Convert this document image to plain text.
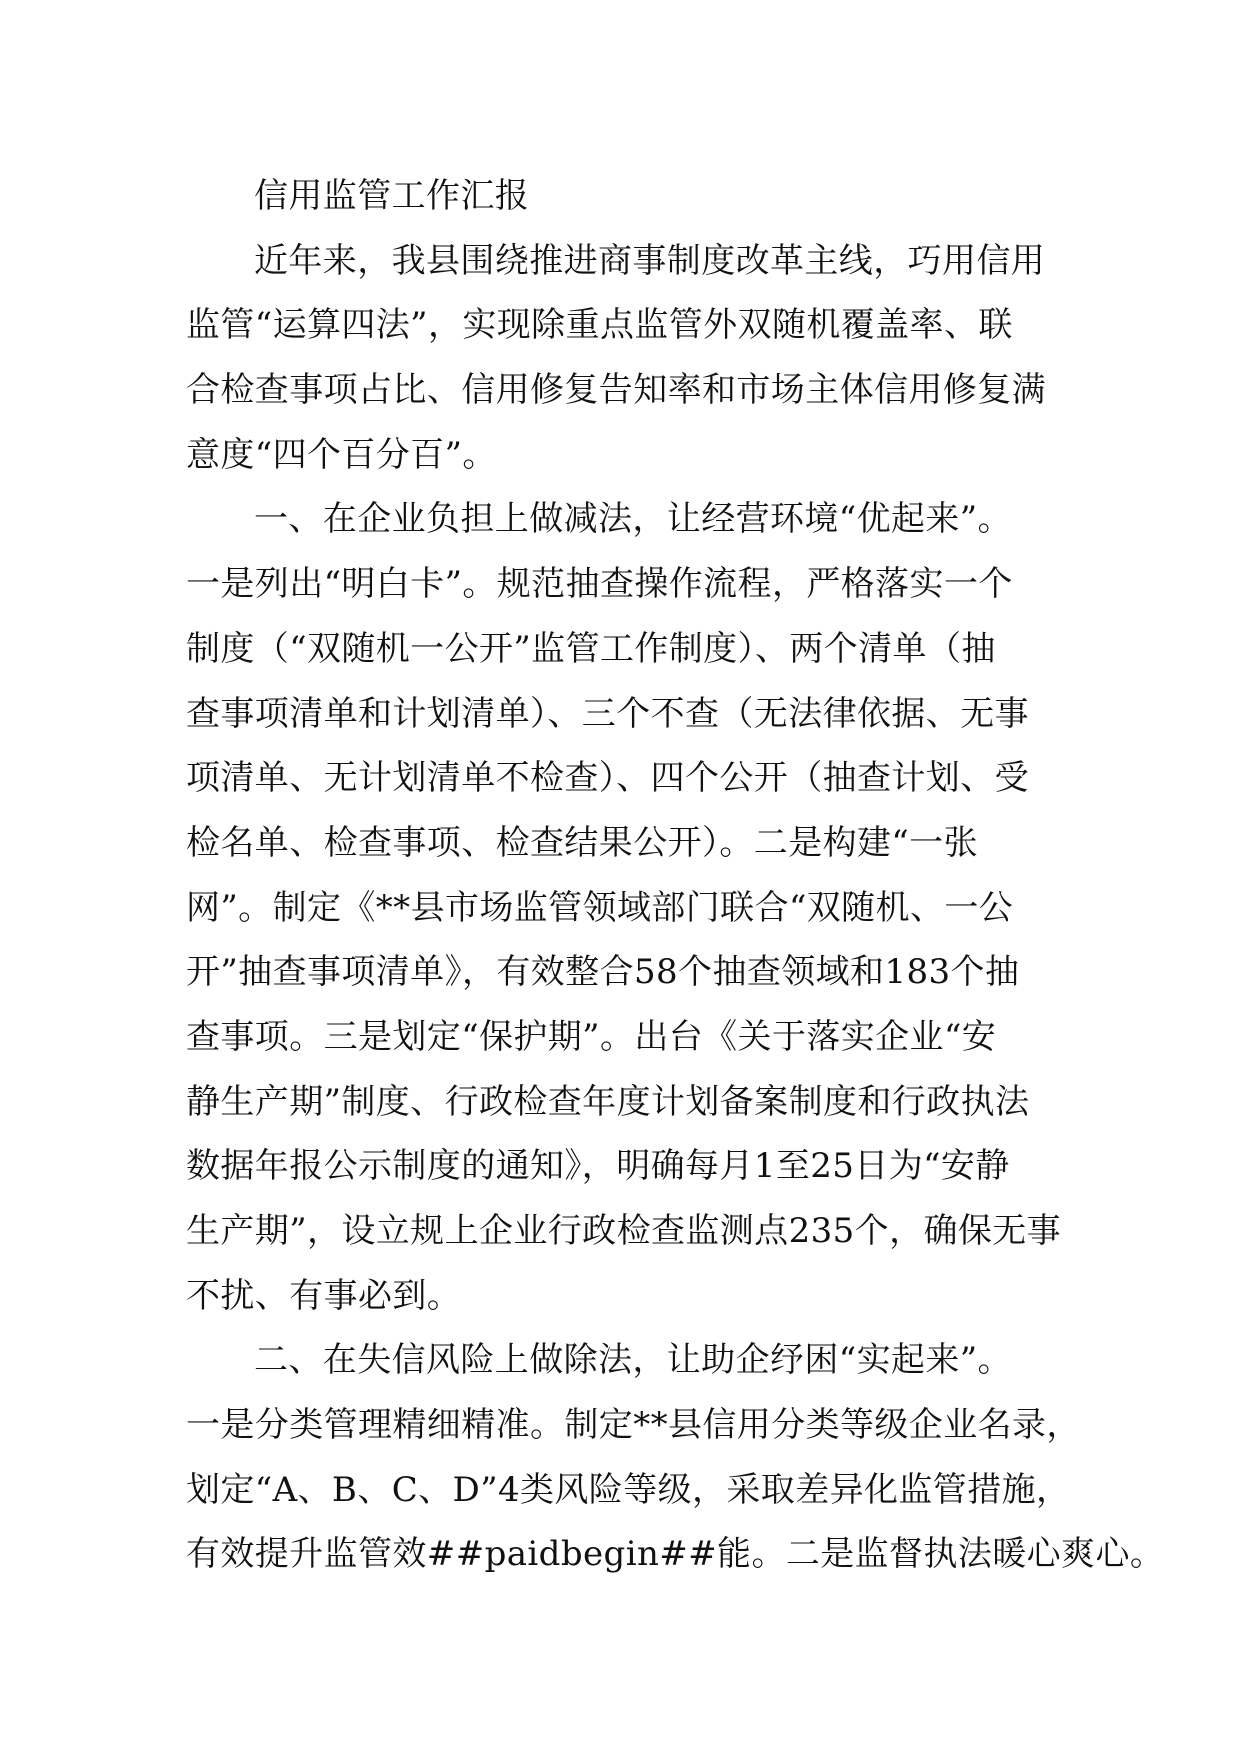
信用监管工作汇报
近年来，我县围绕推进商事制度改革主线，巧用信用
监管“运算四法”，实现除重点监管外双随机覆盖率、联
合检查事项占比、信用修复告知率和市场主体信用修复满
意度“四个百分百”。
一、在企业负担上做减法，让经营环境“优起来”。
一是列出“明白卡”。规范抽查操作流程，严格落实一个
制度（“双随机一公开”监管工作制度）、两个清单（抽
查事项清单和计划清单）、三个不查（无法律依据、无事
项清单、无计划清单不检查）、四个公开（抽查计划、受
检名单、检查事项、检查结果公开）。二是构建“一张
网”。制定《**县市场监管领域部门联合“双随机、一公
开”抽查事项清单》，有效整合58个抽查领域和183个抽
查事项。三是划定“保护期”。出台《关于落实企业“安
静生产期”制度、行政检查年度计划备案制度和行政执法
数据年报公示制度的通知》，明确每月1至25日为“安静
生产期”，设立规上企业行政检查监测点235个，确保无事
不扰、有事必到。
二、在失信风险上做除法，让助企纾困“实起来”。
一是分类管理精细精准。制定**县信用分类等级企业名录，
划定“A、B、C、D”4类风险等级，采取差异化监管措施，
有效提升监管效##paidbegin##能。二是监督执法暖心爽心。
